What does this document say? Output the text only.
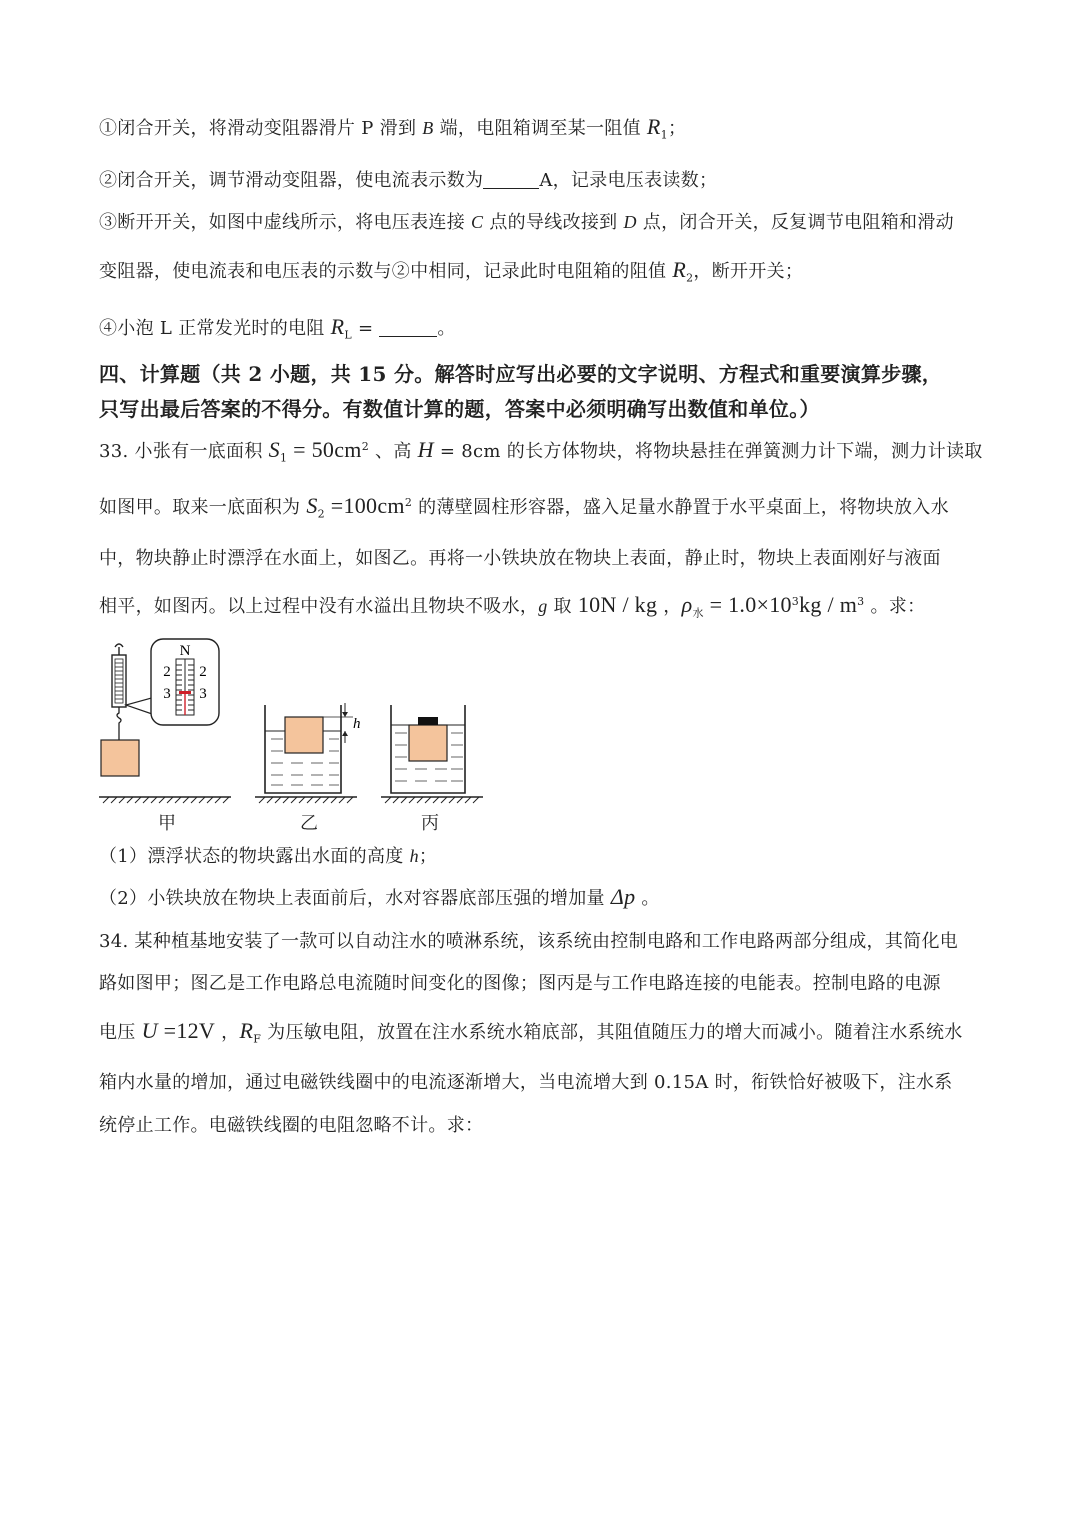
①闭合开关，将滑动变阻器滑片 P 滑到 B 端，电阻箱调至某一阻值 $R_1$；
②闭合开关，调节滑动变阻器，使电流表示数为	A，记录电压表读数；
③断开开关，如图中虚线所示，将电压表连接 C 点的导线改接到 D 点，闭合开关，反复调节电阻箱和滑动
变阻器，使电流表和电压表的示数与②中相同，记录此时电阻箱的阻值 $R_2$，断开开关；
④小泡 L 正常发光时的电阻 $R_L$ =	。
四、计算题（共 2 小题，共 15 分。解答时应写出必要的文字说明、方程式和重要演算步骤，
只写出最后答案的不得分。有数值计算的题，答案中必须明确写出数值和单位。）
33. 小张有一底面积 $S_1 = 50cm^2$ 、高 H = 8cm 的长方体物块，将物块悬挂在弹簧测力计下端，测力计读取
如图甲。取来一底面积为 $S_2 =100cm^2$ 的薄壁圆柱形容器，盛入足量水静置于水平桌面上，将物块放入水
中，物块静止时漂浮在水面上，如图乙。再将一小铁块放在物块上表面，静止时，物块上表面刚好与液面
相平，如图丙。以上过程中没有水溢出且物块不吸水，g 取 10N / kg ，$\rho_水 = 1.0\times 10^3kg / m^3$ 。求：
N
2
3
2
3
h
甲	乙	丙
（1）漂浮状态的物块露出水面的高度 h；
（2）小铁块放在物块上表面前后，水对容器底部压强的增加量 Δp 。
34. 某种植基地安装了一款可以自动注水的喷淋系统，该系统由控制电路和工作电路两部分组成，其简化电
路如图甲；图乙是工作电路总电流随时间变化的图像；图丙是与工作电路连接的电能表。控制电路的电源
电压 U =12V ，$R_F$ 为压敏电阻，放置在注水系统水箱底部，其阻值随压力的增大而减小。随着注水系统水
箱内水量的增加，通过电磁铁线圈中的电流逐渐增大，当电流增大到 0.15A 时，衔铁恰好被吸下，注水系
统停止工作。电磁铁线圈的电阻忽略不计。求：
